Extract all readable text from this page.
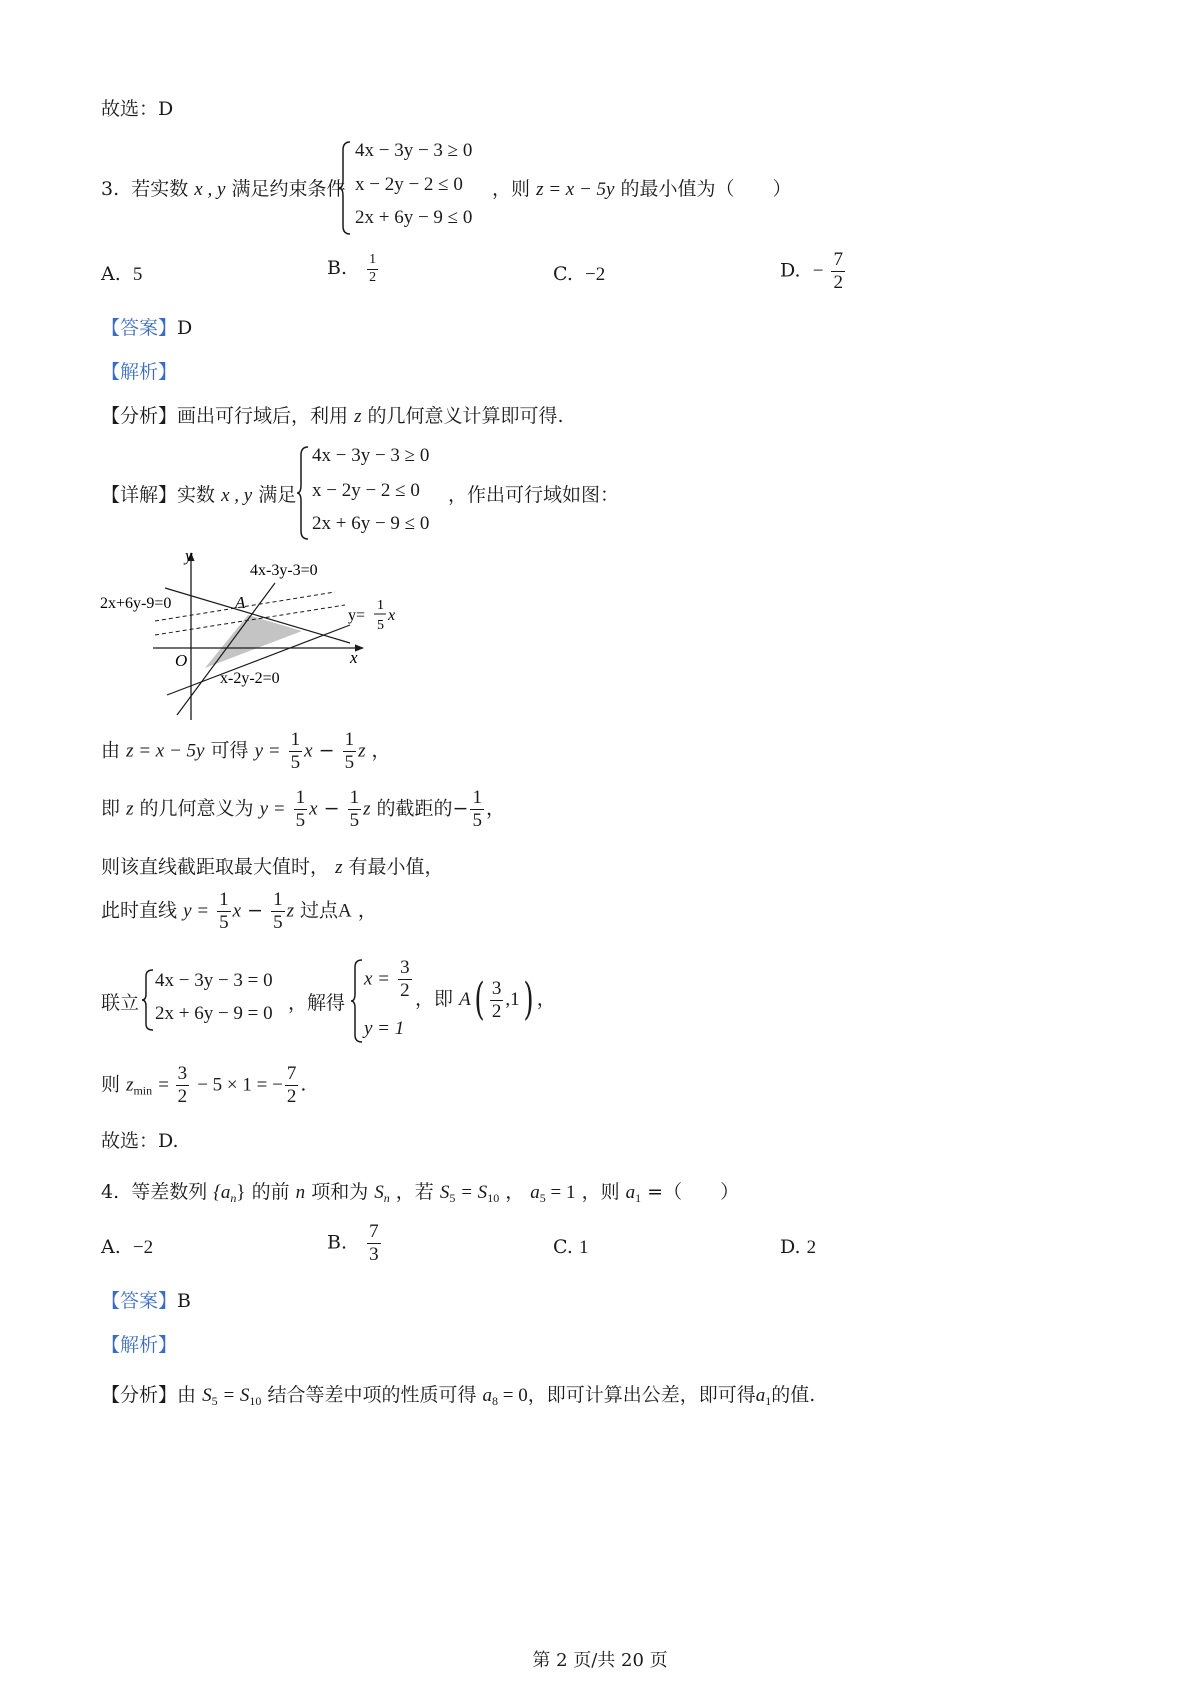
故选：D
3. 若实数 x , y 满足约束条件
4x − 3y − 3 ≥ 0
x − 2y − 2 ≤ 0
2x + 6y − 9 ≤ 0
，则 z = x − 5y 的最小值为（　　）
A. 5	B. $\frac{1}{2}$	C. −2	D. − $\frac{7}{2}$
【答案】D
【解析】
【分析】画出可行域后，利用 z 的几何意义计算即可得.
【详解】实数 x , y 满足
4x − 3y − 3 ≥ 0
x − 2y − 2 ≤ 0
2x + 6y − 9 ≤ 0
，作出可行域如图：
y
x
O
A
4x-3y-3=0
2x+6y-9=0
x-2y-2=0
y=
1
5
x
由 z = x − 5y 可得 $y = \frac{1}{5}$ $x - \frac{1}{5}$ z ，
即 z 的几何意义为 $y = \frac{1}{5}$ $x - \frac{1}{5}$ z 的截距的− $\frac{1}{5}$ ，
则该直线截距取最大值时， z 有最小值，
此时直线 $y = \frac{1}{5}$ $x - \frac{1}{5}$ z 过点A ，
联立
4x − 3y − 3 = 0
2x + 6y − 9 = 0 ，解得
$x = \frac{3}{2}$
y = 1
，即 $A( \frac{3}{2} ,1)$ ，
则 $z_{min} = \frac{3}{2} - 5 \times 1$ = − $\frac{7}{2}$ .
故选：D.
4. 等差数列 $\{a_n\}$ 的前 n 项和为 $S_n$ ，若 $S_5 = S_{10}$ ， $a_5 = 1$ ，则 $a_1$ =（　　）
A. −2	B. $\frac{7}{3}$	C. 1	D. 2
【答案】B
【解析】
【分析】由 $S_5 = S_{10}$ 结合等差中项的性质可得 $a_8 = 0$，即可计算出公差，即可得$a_1$的值.
第 2 页/共 20 页
